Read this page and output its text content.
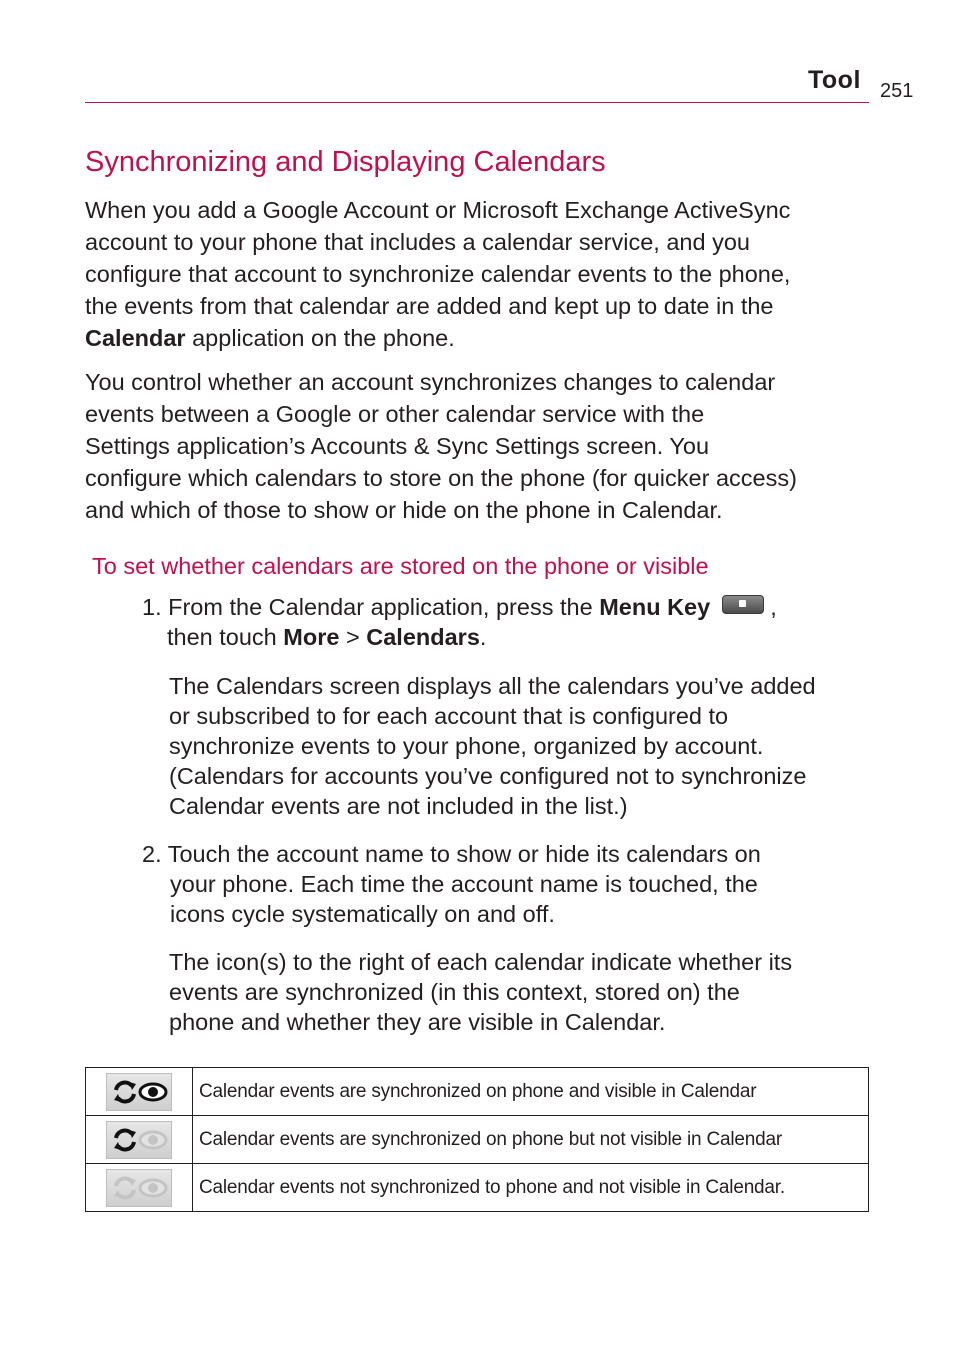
Tool 251
Synchronizing and Displaying Calendars
When you add a Google Account or Microsoft Exchange ActiveSync
account to your phone that includes a calendar service, and you
configure that account to synchronize calendar events to the phone,
the events from that calendar are added and kept up to date in the
Calendar application on the phone.
You control whether an account synchronizes changes to calendar
events between a Google or other calendar service with the
Settings application’s Accounts & Sync Settings screen. You
configure which calendars to store on the phone (for quicker access)
and which of those to show or hide on the phone in Calendar.
To set whether calendars are stored on the phone or visible
1. From the Calendar application, press the Menu Key	,
then touch More > Calendars.
The Calendars screen displays all the calendars you’ve added
or subscribed to for each account that is configured to
synchronize events to your phone, organized by account.
(Calendars for accounts you’ve configured not to synchronize
Calendar events are not included in the list.)
2. Touch the account name to show or hide its calendars on
your phone. Each time the account name is touched, the
icons cycle systematically on and off.
The icon(s) to the right of each calendar indicate whether its
events are synchronized (in this context, stored on) the
phone and whether they are visible in Calendar.
	Calendar events are synchronized on phone and visible in Calendar

	Calendar events are synchronized on phone but not visible in Calendar

	Calendar events not synchronized to phone and not visible in Calendar.
